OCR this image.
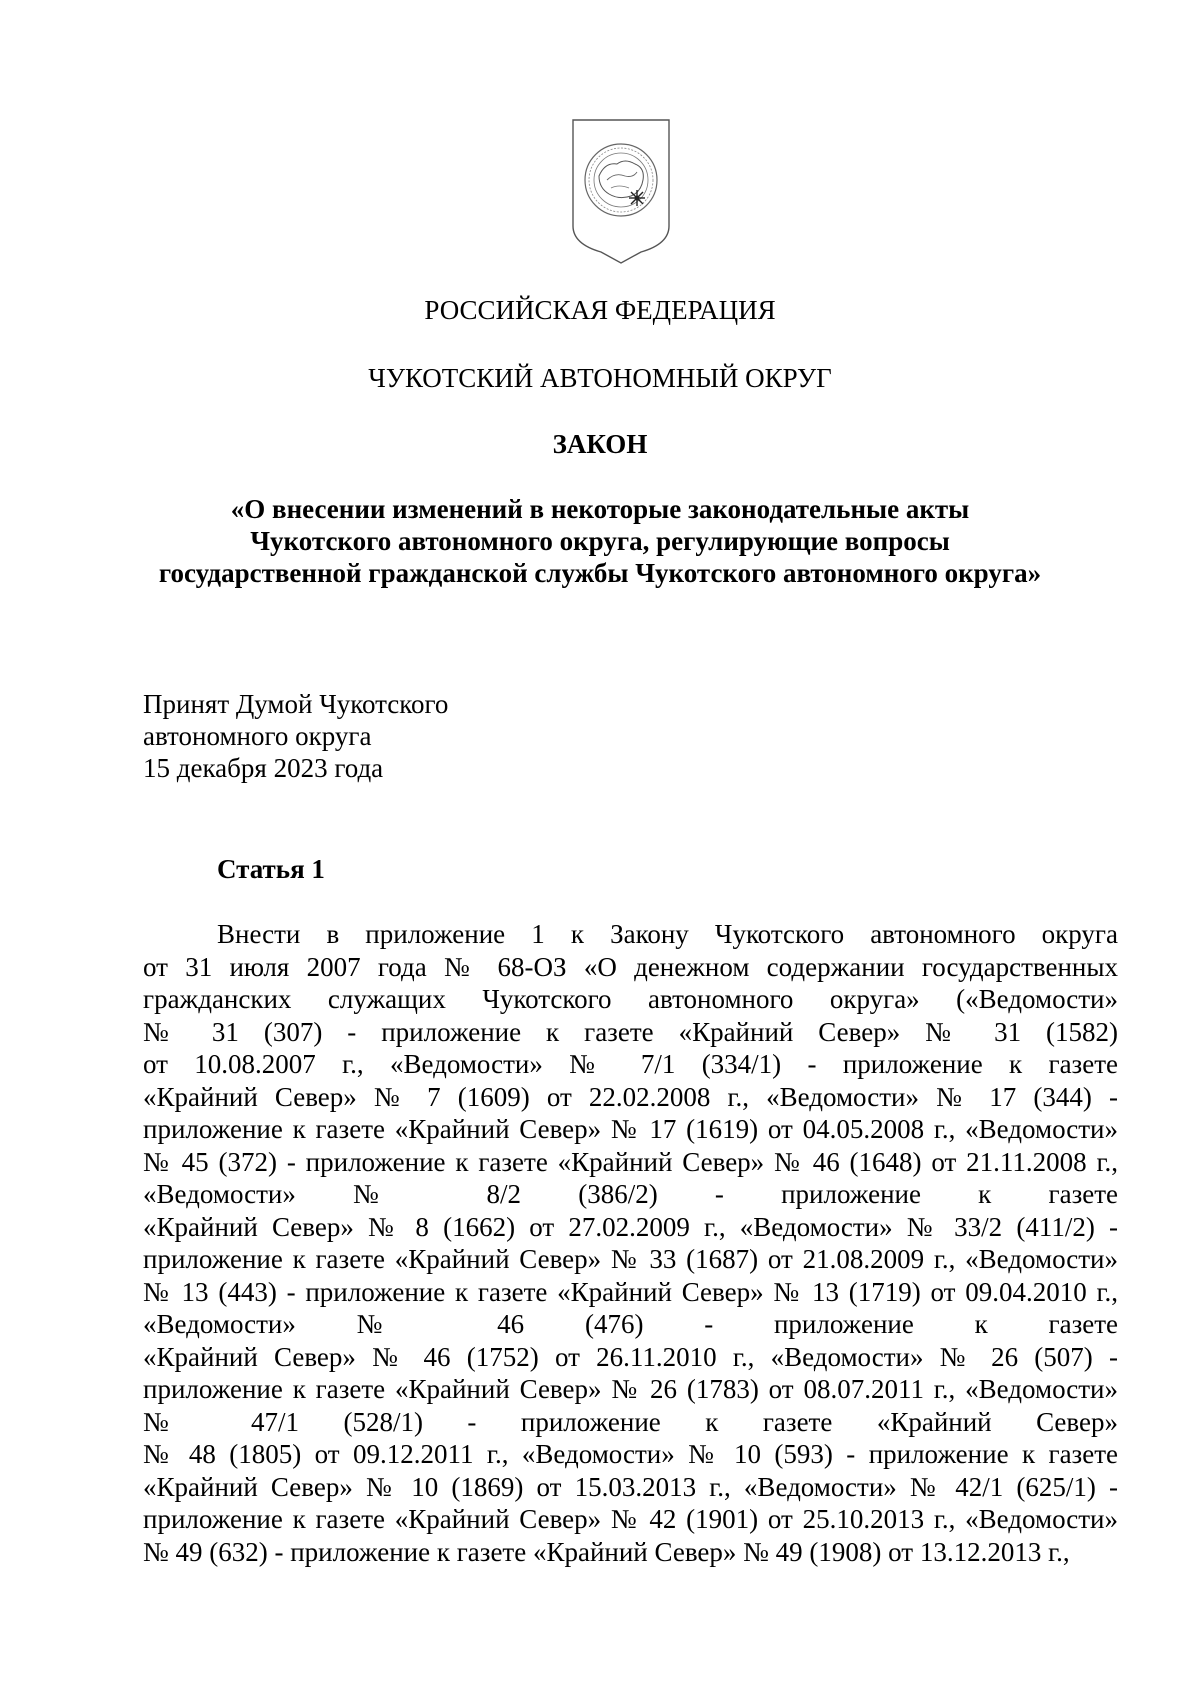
РОССИЙСКАЯ ФЕДЕРАЦИЯ
ЧУКОТСКИЙ АВТОНОМНЫЙ ОКРУГ
ЗАКОН
«О внесении изменений в некоторые законодательные акты
Чукотского автономного округа, регулирующие вопросы
государственной гражданской службы Чукотского автономного округа»
Принят Думой Чукотского
автономного округа
15 декабря 2023 года
Статья 1
Внести в приложение 1 к Закону Чукотского автономного округа
от 31 июля 2007 года № 68-ОЗ «О денежном содержании государственных
гражданских служащих Чукотского автономного округа» («Ведомости»
№ 31 (307) - приложение к газете «Крайний Север» № 31 (1582)
от 10.08.2007 г., «Ведомости» № 7/1 (334/1) - приложение к газете
«Крайний Север» № 7 (1609) от 22.02.2008 г., «Ведомости» № 17 (344) -
приложение к газете «Крайний Север» № 17 (1619) от 04.05.2008 г., «Ведомости»
№ 45 (372) - приложение к газете «Крайний Север» № 46 (1648) от 21.11.2008 г.,
«Ведомости» № 8/2 (386/2) - приложение к газете
«Крайний Север» № 8 (1662) от 27.02.2009 г., «Ведомости» № 33/2 (411/2) -
приложение к газете «Крайний Север» № 33 (1687) от 21.08.2009 г., «Ведомости»
№ 13 (443) - приложение к газете «Крайний Север» № 13 (1719) от 09.04.2010 г.,
«Ведомости» № 46 (476) - приложение к газете
«Крайний Север» № 46 (1752) от 26.11.2010 г., «Ведомости» № 26 (507) -
приложение к газете «Крайний Север» № 26 (1783) от 08.07.2011 г., «Ведомости»
№ 47/1 (528/1) - приложение к газете «Крайний Север»
№ 48 (1805) от 09.12.2011 г., «Ведомости» № 10 (593) - приложение к газете
«Крайний Север» № 10 (1869) от 15.03.2013 г., «Ведомости» № 42/1 (625/1) -
приложение к газете «Крайний Север» № 42 (1901) от 25.10.2013 г., «Ведомости»
№ 49 (632) - приложение к газете «Крайний Север» № 49 (1908) от 13.12.2013 г.,
